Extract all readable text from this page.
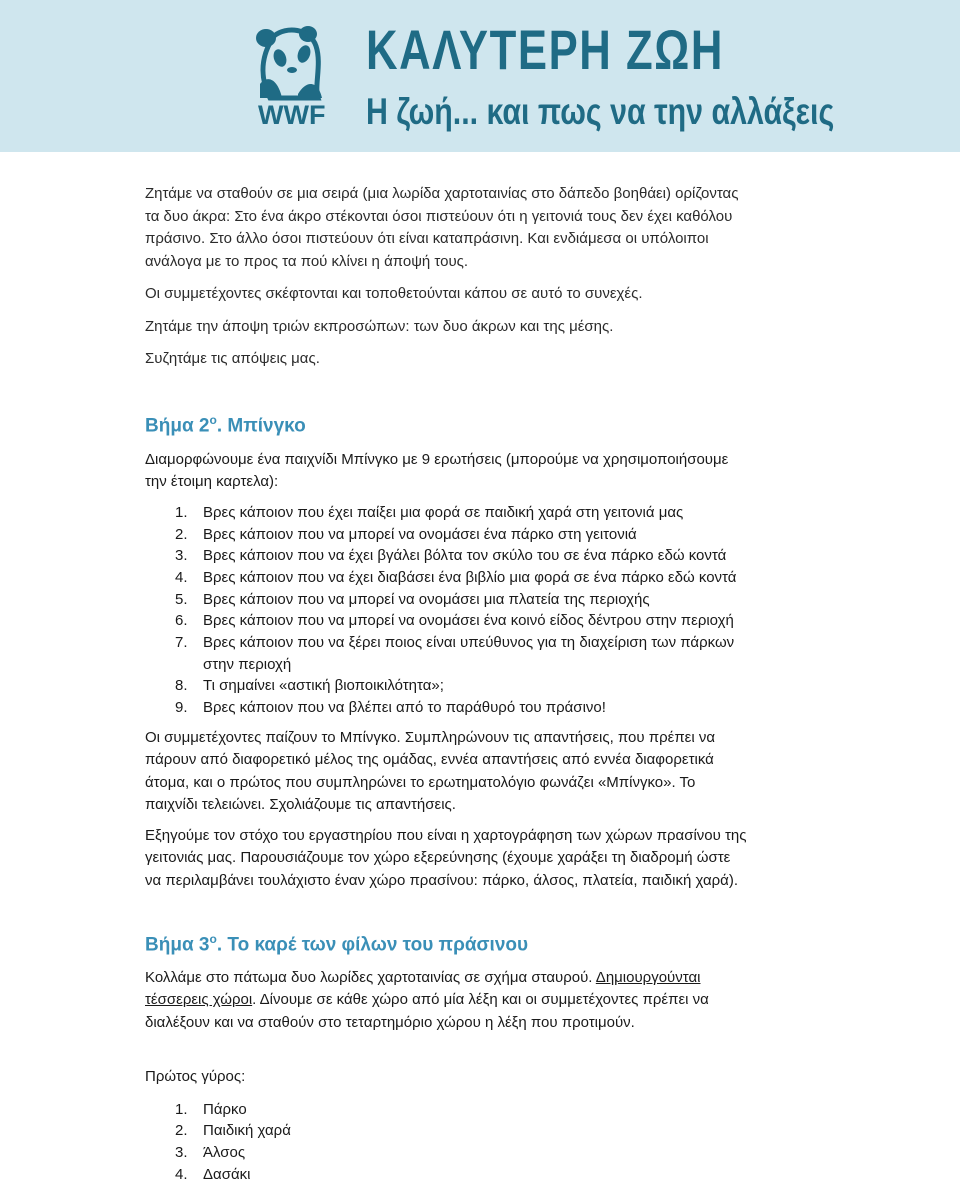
WWF
ΚΑΛΥΤΕΡΗ ΖΩΗ
Η ζωή... και πως να την αλλάξεις

Ζητάμε να σταθούν σε μια σειρά (μια λωρίδα χαρτοταινίας στο δάπεδο βοηθάει) ορίζοντας

τα δυο άκρα: Στο ένα άκρο στέκονται όσοι πιστεύουν ότι η γειτονιά τους δεν έχει καθόλου

πράσινο. Στο άλλο όσοι πιστεύουν ότι είναι καταπράσινη. Και ενδιάμεσα οι υπόλοιποι

ανάλογα με το προς τα πού κλίνει η άποψή τους.

Οι συμμετέχοντες σκέφτονται και τοποθετούνται κάπου σε αυτό το συνεχές.

Ζητάμε την άποψη τριών εκπροσώπων: των δυο άκρων και της μέσης.

Συζητάμε τις απόψεις μας.

Βήμα $2^o$. Μπίνγκο

Διαμορφώνουμε ένα παιχνίδι Μπίνγκο με 9 ερωτήσεις (μπορούμε να χρησιμοποιήσουμε

την έτοιμη καρτελα):

1. Βρες κάποιον που έχει παίξει μια φορά σε παιδική χαρά στη γειτονιά μας
2. Βρες κάποιον που να μπορεί να ονομάσει ένα πάρκο στη γειτονιά
3. Βρες κάποιον που να έχει βγάλει βόλτα τον σκύλο του σε ένα πάρκο εδώ κοντά
4. Βρες κάποιον που να έχει διαβάσει ένα βιβλίο μια φορά σε ένα πάρκο εδώ κοντά
5. Βρες κάποιον που να μπορεί να ονομάσει μια πλατεία της περιοχής
6. Βρες κάποιον που να μπορεί να ονομάσει ένα κοινό είδος δέντρου στην περιοχή
7. Βρες κάποιον που να ξέρει ποιος είναι υπεύθυνος για τη διαχείριση των πάρκων
στην περιοχή
8. Τι σημαίνει «αστική βιοποικιλότητα»;
9. Βρες κάποιον που να βλέπει από το παράθυρό του πράσινο!

Οι συμμετέχοντες παίζουν το Μπίνγκο. Συμπληρώνουν τις απαντήσεις, που πρέπει να

πάρουν από διαφορετικό μέλος της ομάδας, εννέα απαντήσεις από εννέα διαφορετικά

άτομα, και ο πρώτος που συμπληρώνει το ερωτηματολόγιο φωνάζει «Μπίνγκο». Το

παιχνίδι τελειώνει. Σχολιάζουμε τις απαντήσεις.

Εξηγούμε τον στόχο του εργαστηρίου που είναι η χαρτογράφηση των χώρων πρασίνου της

γειτονιάς μας. Παρουσιάζουμε τον χώρο εξερεύνησης (έχουμε χαράξει τη διαδρομή ώστε

να περιλαμβάνει τουλάχιστο έναν χώρο πρασίνου: πάρκο, άλσος, πλατεία, παιδική χαρά).

Βήμα $3^o$. Το καρέ των φίλων του πράσινου

Κολλάμε στο πάτωμα δυο λωρίδες χαρτοταινίας σε σχήμα σταυρού. Δημιουργούνται

τέσσερεις χώροι. Δίνουμε σε κάθε χώρο από μία λέξη και οι συμμετέχοντες πρέπει να

διαλέξουν και να σταθούν στο τεταρτημόριο χώρου η λέξη που προτιμούν.

Πρώτος γύρος:

1. Πάρκο
2. Παιδική χαρά
3. Άλσος
4. Δασάκι
